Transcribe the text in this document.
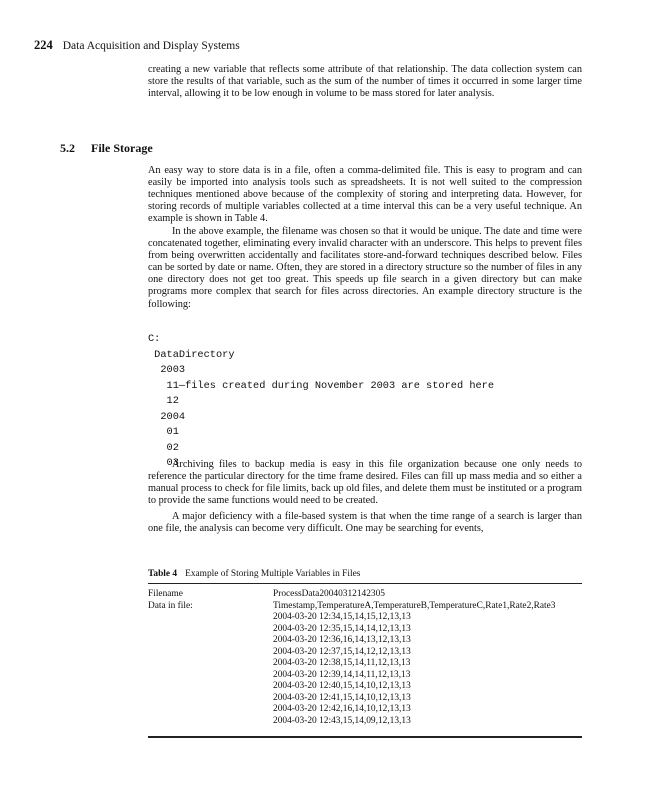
224 Data Acquisition and Display Systems

creating a new variable that reflects some attribute of that relationship. The data collection system can store the results of that variable, such as the sum of the number of times it occurred in some larger time interval, allowing it to be low enough in volume to be mass stored for later analysis.

5.2 File Storage

An easy way to store data is in a file, often a comma-delimited file. This is easy to program and can easily be imported into analysis tools such as spreadsheets. It is not well suited to the compression techniques mentioned above because of the complexity of storing and interpreting data. However, for storing records of multiple variables collected at a time interval this can be a very useful technique. An example is shown in Table 4.

In the above example, the filename was chosen so that it would be unique. The date and time were concatenated together, eliminating every invalid character with an underscore. This helps to prevent files from being overwritten accidentally and facilitates store-and-forward techniques described below. Files can be sorted by date or name. Often, they are stored in a directory structure so the number of files in any one directory does not get too great. This speeds up file search in a given directory but can make programs more complex that search for files across directories. An example directory structure is the following:

C:
DataDirectory
2003
11—files created during November 2003 are stored here
12
2004
01
02
03

Archiving files to backup media is easy in this file organization because one only needs to reference the particular directory for the time frame desired. Files can fill up mass media and so either a manual process to check for file limits, back up old files, and delete them must be instituted or a program to provide the same functions would need to be created.

A major deficiency with a file-based system is that when the time range of a search is larger than one file, the analysis can become very difficult. One may be searching for events,

Table 4 Example of Storing Multiple Variables in Files
Filename	ProcessData20040312142305
Data in file:	Timestamp,TemperatureA,TemperatureB,TemperatureC,Rate1,Rate2,Rate3
2004-03-20 12:34,15,14,15,12,13,13
2004-03-20 12:35,15,14,14,12,13,13
2004-03-20 12:36,16,14,13,12,13,13
2004-03-20 12:37,15,14,12,12,13,13
2004-03-20 12:38,15,14,11,12,13,13
2004-03-20 12:39,14,14,11,12,13,13
2004-03-20 12:40,15,14,10,12,13,13
2004-03-20 12:41,15,14,10,12,13,13
2004-03-20 12:42,16,14,10,12,13,13
2004-03-20 12:43,15,14,09,12,13,13
